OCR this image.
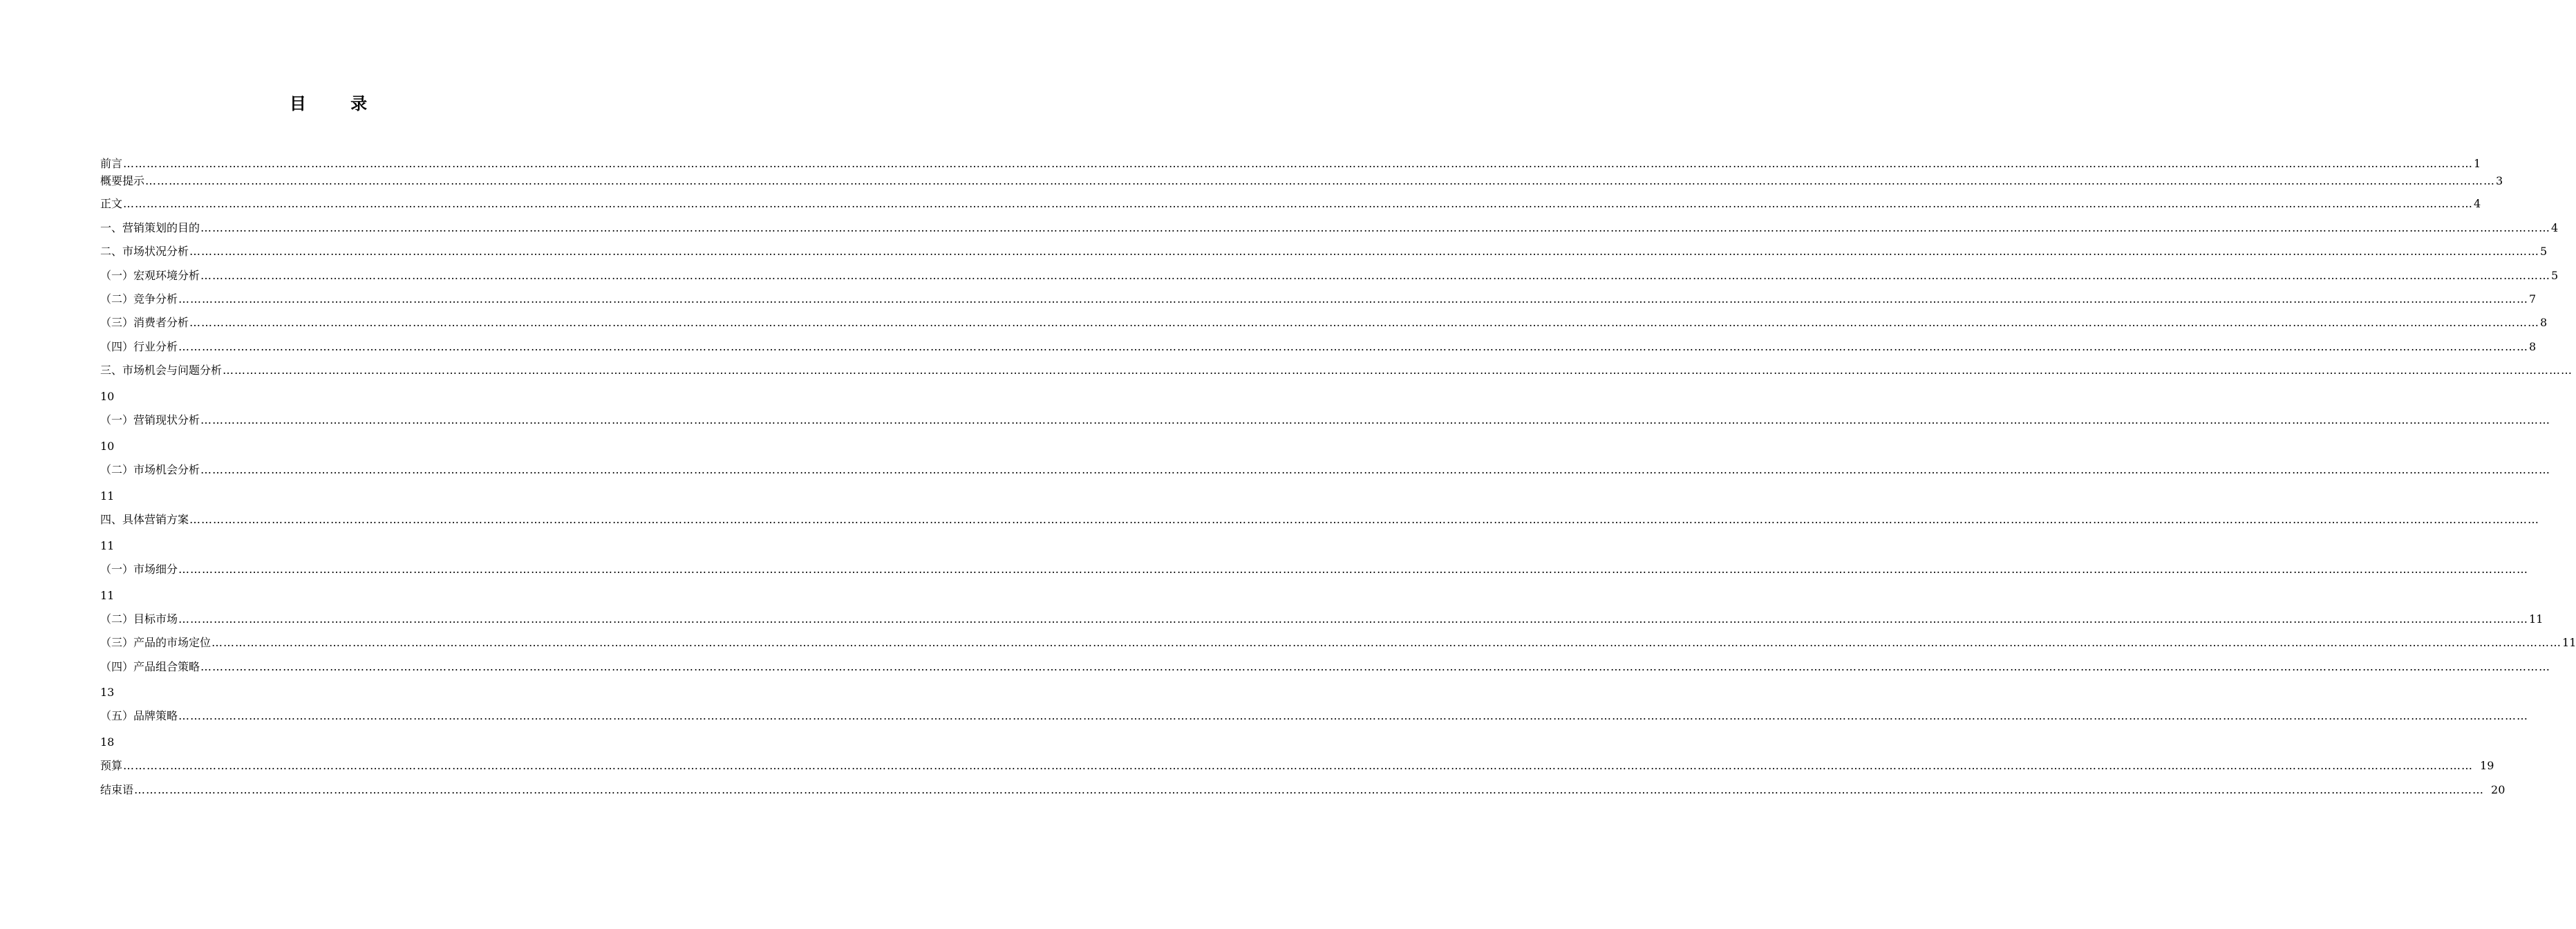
目 录
前言 …………………………………………………………………………………………………………………………………………………………………………………………………………………………………………………………………………………………………………………………………………………………………………………………………………………………………………………………………………………………………………………………………………………… 1
概要提示 …………………………………………………………………………………………………………………………………………………………………………………………………………………………………………………………………………………………………………………………………………………………………………………………………………………………………………………………………………………………………………………………………………………… 3
正文 …………………………………………………………………………………………………………………………………………………………………………………………………………………………………………………………………………………………………………………………………………………………………………………………………………………………………………………………………………………………………………………………………………………… 4
一、营销策划的目的 …………………………………………………………………………………………………………………………………………………………………………………………………………………………………………………………………………………………………………………………………………………………………………………………………………………………………………………………………………………………………………………………………………………… 4
二、市场状况分析 …………………………………………………………………………………………………………………………………………………………………………………………………………………………………………………………………………………………………………………………………………………………………………………………………………………………………………………………………………………………………………………………………………………… 5
（一）宏观环境分析 …………………………………………………………………………………………………………………………………………………………………………………………………………………………………………………………………………………………………………………………………………………………………………………………………………………………………………………………………………………………………………………………………………………… 5
（二）竞争分析 …………………………………………………………………………………………………………………………………………………………………………………………………………………………………………………………………………………………………………………………………………………………………………………………………………………………………………………………………………………………………………………………………………………… 7
（三）消费者分析 …………………………………………………………………………………………………………………………………………………………………………………………………………………………………………………………………………………………………………………………………………………………………………………………………………………………………………………………………………………………………………………………………………………… 8
（四）行业分析 …………………………………………………………………………………………………………………………………………………………………………………………………………………………………………………………………………………………………………………………………………………………………………………………………………………………………………………………………………………………………………………………………………………… 8
三、市场机会与问题分析 ……………………………………………………………………………………………………………………………………………………………………………………………………………………………………………………………………………………………………………………………………………………………………………………………………………………………………………………………………………………………………………………………………………………
10
（一）营销现状分析 ……………………………………………………………………………………………………………………………………………………………………………………………………………………………………………………………………………………………………………………………………………………………………………………………………………………………………………………………………………………………………………………………………………………
10
（二）市场机会分析 ……………………………………………………………………………………………………………………………………………………………………………………………………………………………………………………………………………………………………………………………………………………………………………………………………………………………………………………………………………………………………………………………………………………
11
四、具体营销方案 ……………………………………………………………………………………………………………………………………………………………………………………………………………………………………………………………………………………………………………………………………………………………………………………………………………………………………………………………………………………………………………………………………………………
11
（一）市场细分 ……………………………………………………………………………………………………………………………………………………………………………………………………………………………………………………………………………………………………………………………………………………………………………………………………………………………………………………………………………………………………………………………………………………
11
（二）目标市场 …………………………………………………………………………………………………………………………………………………………………………………………………………………………………………………………………………………………………………………………………………………………………………………………………………………………………………………………………………………………………………………………………………………… 11
（三）产品的市场定位 …………………………………………………………………………………………………………………………………………………………………………………………………………………………………………………………………………………………………………………………………………………………………………………………………………………………………………………………………………………………………………………………………………………… 11
（四）产品组合策略 ……………………………………………………………………………………………………………………………………………………………………………………………………………………………………………………………………………………………………………………………………………………………………………………………………………………………………………………………………………………………………………………………………………………
13
（五）品牌策略 ……………………………………………………………………………………………………………………………………………………………………………………………………………………………………………………………………………………………………………………………………………………………………………………………………………………………………………………………………………………………………………………………………………………
18
预算 …………………………………………………………………………………………………………………………………………………………………………………………………………………………………………………………………………………………………………………………………………………………………………………………………………………………………………………………………………………………………………………………………………………… 19
结束语 …………………………………………………………………………………………………………………………………………………………………………………………………………………………………………………………………………………………………………………………………………………………………………………………………………………………………………………………………………………………………………………………………………………… 20
